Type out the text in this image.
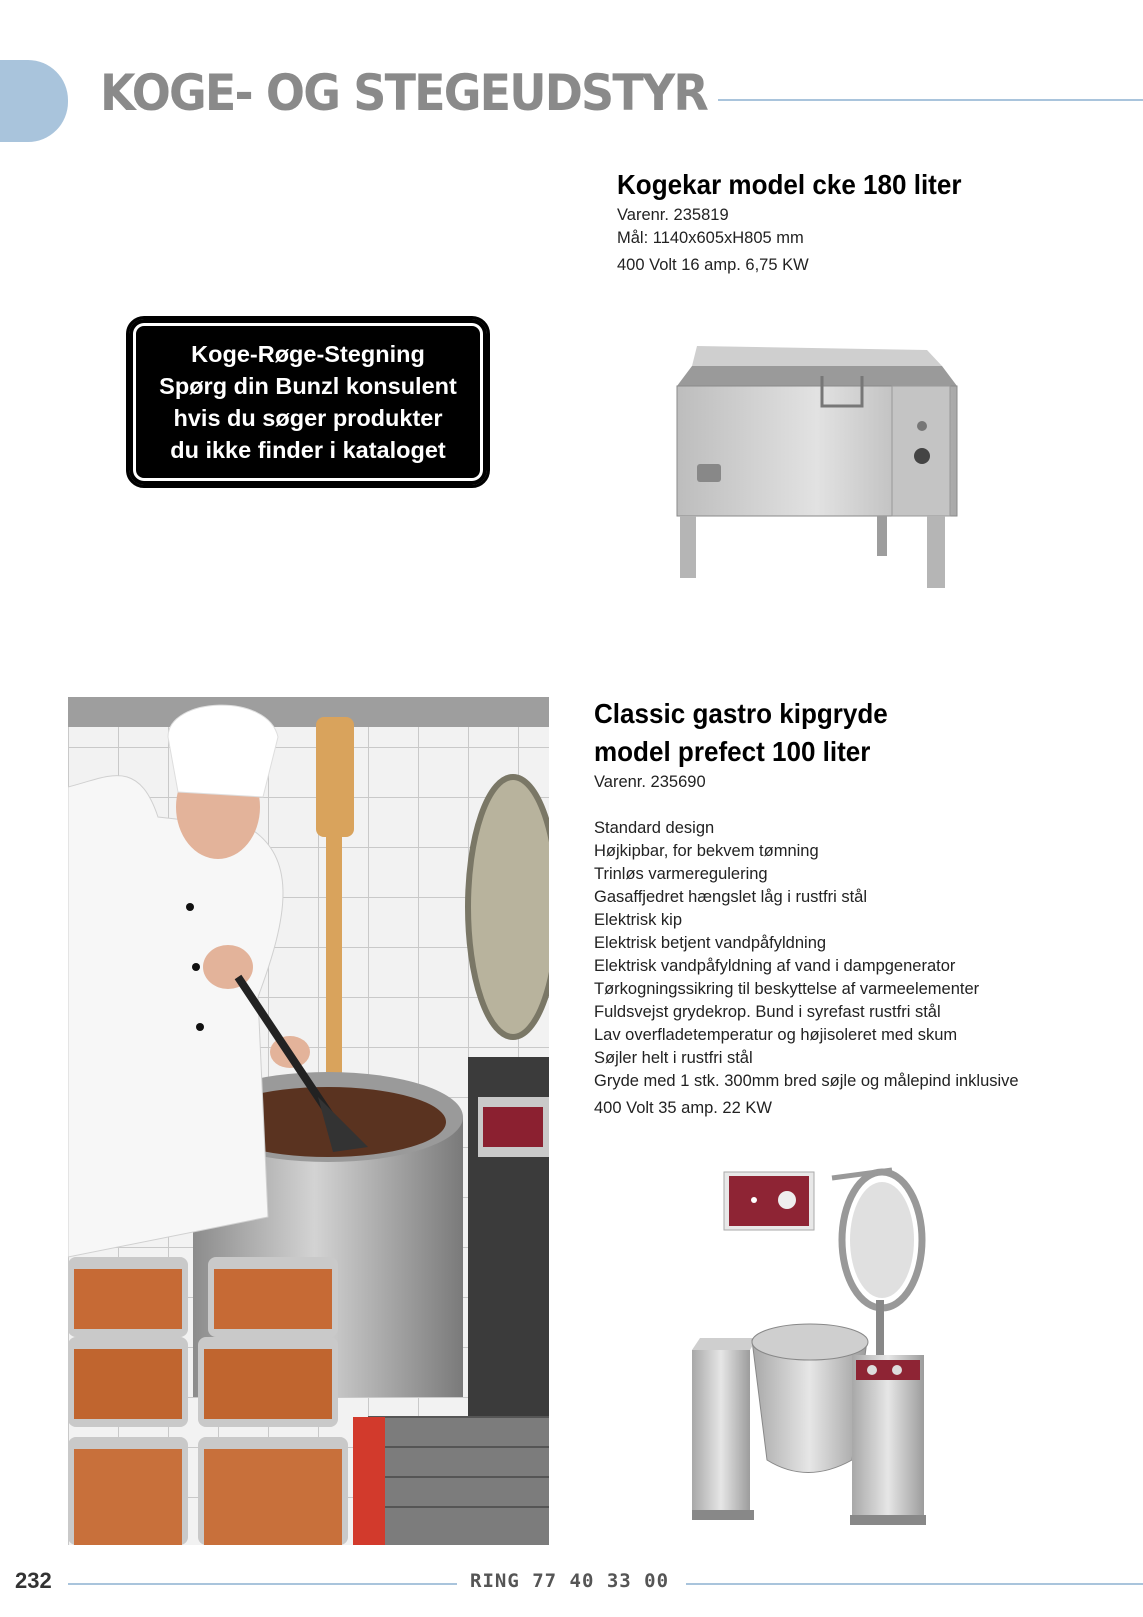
KOGE- OG STEGEUDSTYR
Kogekar model cke 180 liter
Varenr. 235819
Mål: 1140x605xH805 mm
400 Volt 16 amp. 6,75 KW
Koge-Røge-Stegning
Spørg din Bunzl konsulent
hvis du søger produkter
du ikke finder i kataloget
Classic gastro kipgryde
model prefect 100 liter
Varenr. 235690
Standard design
Højkipbar, for bekvem tømning
Trinløs varmeregulering
Gasaffjedret hængslet låg i rustfri stål
Elektrisk kip
Elektrisk betjent vandpåfyldning
Elektrisk vandpåfyldning af vand i dampgenerator
Tørkogningssikring til beskyttelse af varmeelementer
Fuldsvejst grydekrop. Bund i syrefast rustfri stål
Lav overfladetemperatur og højisoleret med skum
Søjler helt i rustfri stål
Gryde med 1 stk. 300mm bred søjle og målepind inklusive
400 Volt 35 amp. 22 KW
232	RING 77 40 33 00
